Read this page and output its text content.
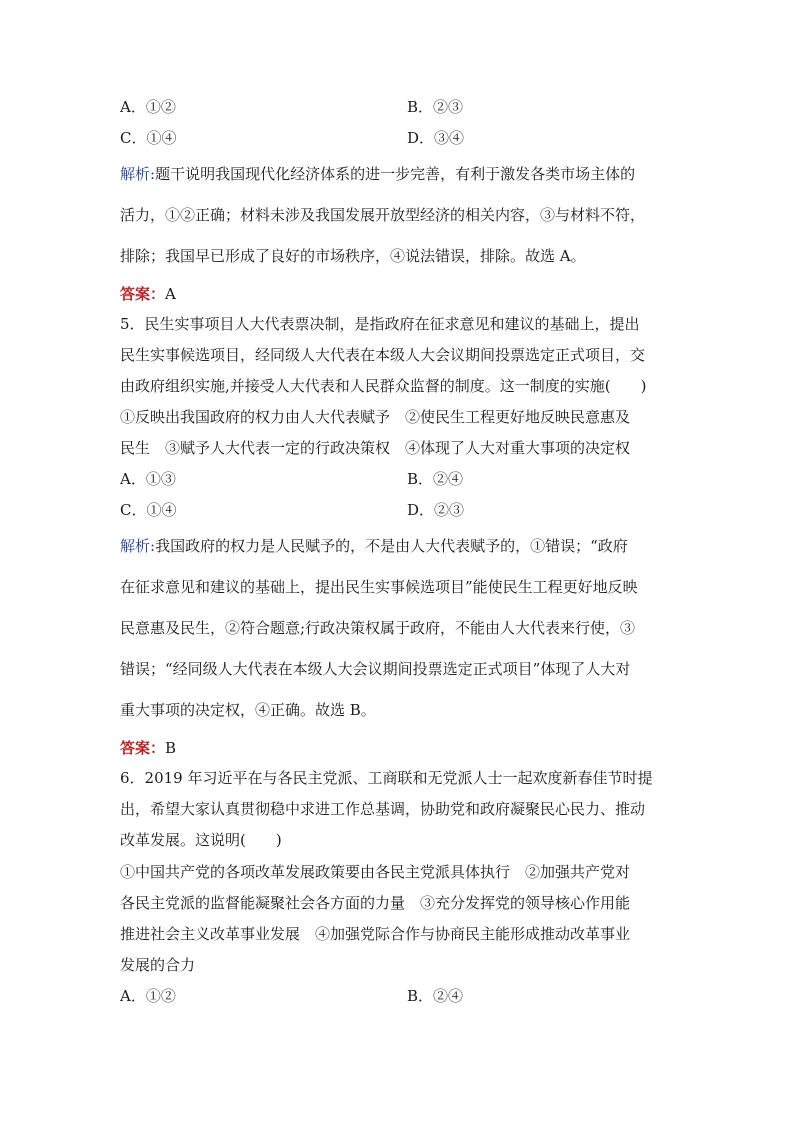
A．①②	B．②③
C．①④	D．③④
解析:题干说明我国现代化经济体系的进一步完善，有利于激发各类市场主体的
活力，①②正确；材料未涉及我国发展开放型经济的相关内容，③与材料不符，
排除；我国早已形成了良好的市场秩序，④说法错误，排除。故选 A。
答案：A
5．民生实事项目人大代表票决制，是指政府在征求意见和建议的基础上，提出
民生实事候选项目，经同级人大代表在本级人大会议期间投票选定正式项目，交
由政府组织实施,并接受人大代表和人民群众监督的制度。这一制度的实施(　　)
①反映出我国政府的权力由人大代表赋予　②使民生工程更好地反映民意惠及
民生　③赋予人大代表一定的行政决策权　④体现了人大对重大事项的决定权
A．①③	B．②④
C．①④	D．②③
解析:我国政府的权力是人民赋予的，不是由人大代表赋予的，①错误；“政府
在征求意见和建议的基础上，提出民生实事候选项目”能使民生工程更好地反映
民意惠及民生，②符合题意;行政决策权属于政府，不能由人大代表来行使，③
错误；“经同级人大代表在本级人大会议期间投票选定正式项目”体现了人大对
重大事项的决定权，④正确。故选 B。
答案：B
6．2019 年习近平在与各民主党派、工商联和无党派人士一起欢度新春佳节时提
出，希望大家认真贯彻稳中求进工作总基调，协助党和政府凝聚民心民力、推动
改革发展。这说明(　　)
①中国共产党的各项改革发展政策要由各民主党派具体执行　②加强共产党对
各民主党派的监督能凝聚社会各方面的力量　③充分发挥党的领导核心作用能
推进社会主义改革事业发展　④加强党际合作与协商民主能形成推动改革事业
发展的合力
A．①②	B．②④
